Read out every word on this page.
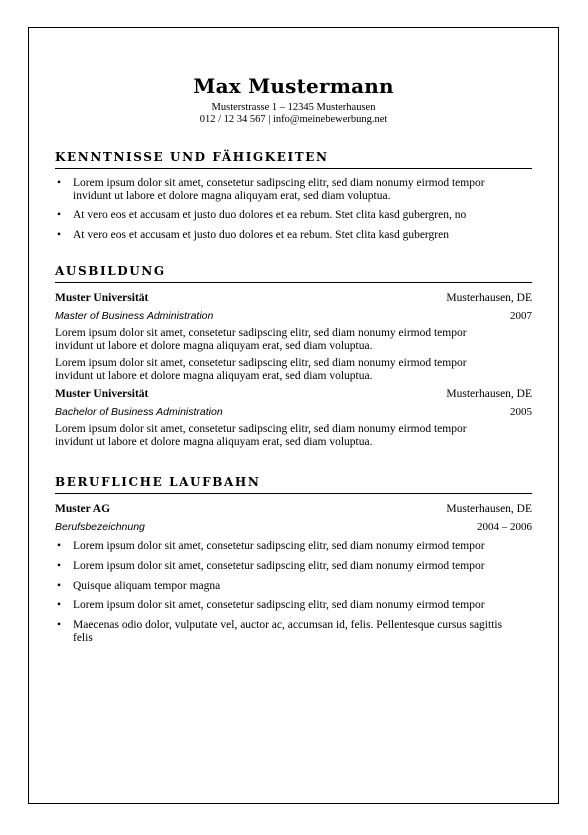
Max Mustermann
Musterstrasse 1 – 12345 Musterhausen
012 / 12 34 567 | info@meinebewerbung.net
KENNTNISSE UND FÄHIGKEITEN
• Lorem ipsum dolor sit amet, consetetur sadipscing elitr, sed diam nonumy eirmod tempor invidunt ut labore et dolore magna aliquyam erat, sed diam voluptua.
• At vero eos et accusam et justo duo dolores et ea rebum. Stet clita kasd gubergren, no
• At vero eos et accusam et justo duo dolores et ea rebum. Stet clita kasd gubergren
AUSBILDUNG
Muster Universität	Musterhausen, DE
Master of Business Administration	2007
Lorem ipsum dolor sit amet, consetetur sadipscing elitr, sed diam nonumy eirmod tempor invidunt ut labore et dolore magna aliquyam erat, sed diam voluptua.
Lorem ipsum dolor sit amet, consetetur sadipscing elitr, sed diam nonumy eirmod tempor invidunt ut labore et dolore magna aliquyam erat, sed diam voluptua.
Muster Universität	Musterhausen, DE
Bachelor of Business Administration	2005
Lorem ipsum dolor sit amet, consetetur sadipscing elitr, sed diam nonumy eirmod tempor invidunt ut labore et dolore magna aliquyam erat, sed diam voluptua.
BERUFLICHE LAUFBAHN
Muster AG	Musterhausen, DE
Berufsbezeichnung	2004 – 2006
• Lorem ipsum dolor sit amet, consetetur sadipscing elitr, sed diam nonumy eirmod tempor
• Lorem ipsum dolor sit amet, consetetur sadipscing elitr, sed diam nonumy eirmod tempor
• Quisque aliquam tempor magna
• Lorem ipsum dolor sit amet, consetetur sadipscing elitr, sed diam nonumy eirmod tempor
• Maecenas odio dolor, vulputate vel, auctor ac, accumsan id, felis. Pellentesque cursus sagittis felis
